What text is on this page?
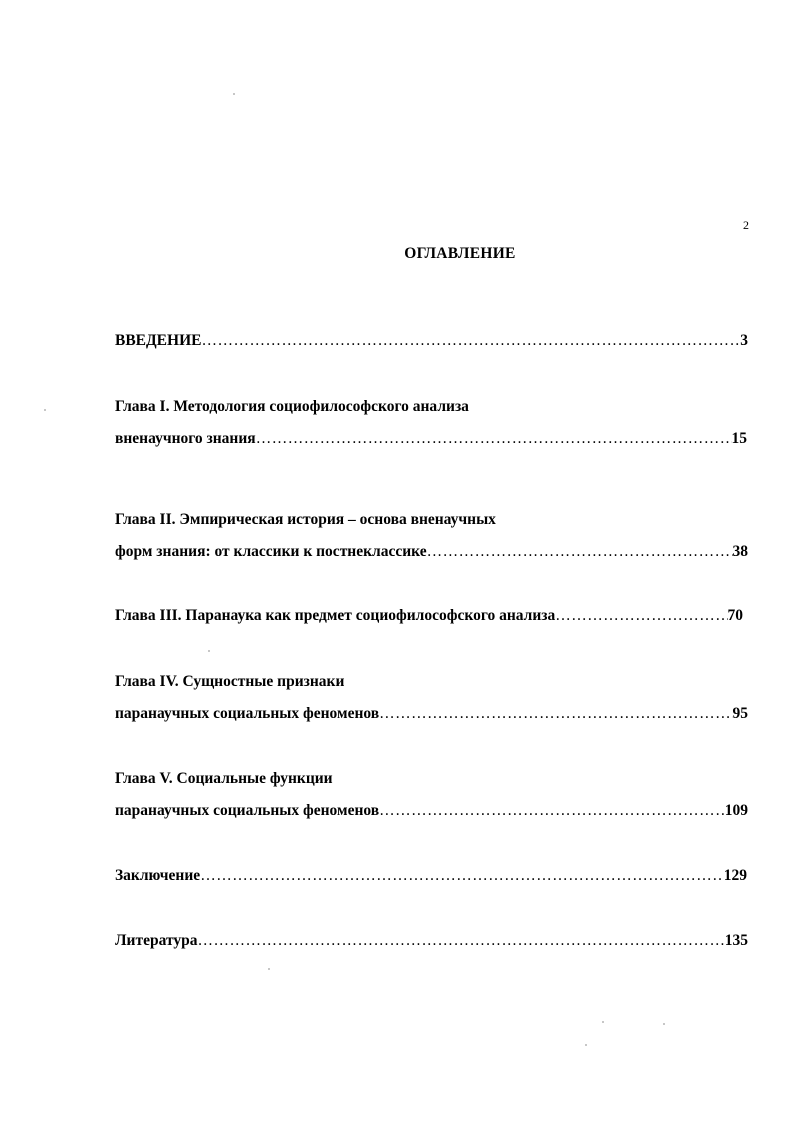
2
ОГЛАВЛЕНИЕ
ВВЕДЕНИЕ ……………………………………………………………………………………………………………………………………………………………………………………	3
Глава I. Методология социофилософского анализа
вненаучного знания ……………………………………………………………………………………………………………………………………………………………………………………	15
Глава II. Эмпирическая история – основа вненаучных
форм знания: от классики к постнеклассике ……………………………………………………………………………………………………………………………………………………………………………………	38
Глава III. Паранаука как предмет социофилософского анализа ……………………………………………………………………………………………………………………………………………………………………………………	70
Глава IV. Сущностные признаки
паранаучных социальных феноменов ……………………………………………………………………………………………………………………………………………………………………………………	95
Глава V. Социальные функции
паранаучных социальных феноменов ……………………………………………………………………………………………………………………………………………………………………………………	109
Заключение ……………………………………………………………………………………………………………………………………………………………………………………	129
Литература ……………………………………………………………………………………………………………………………………………………………………………………	135
